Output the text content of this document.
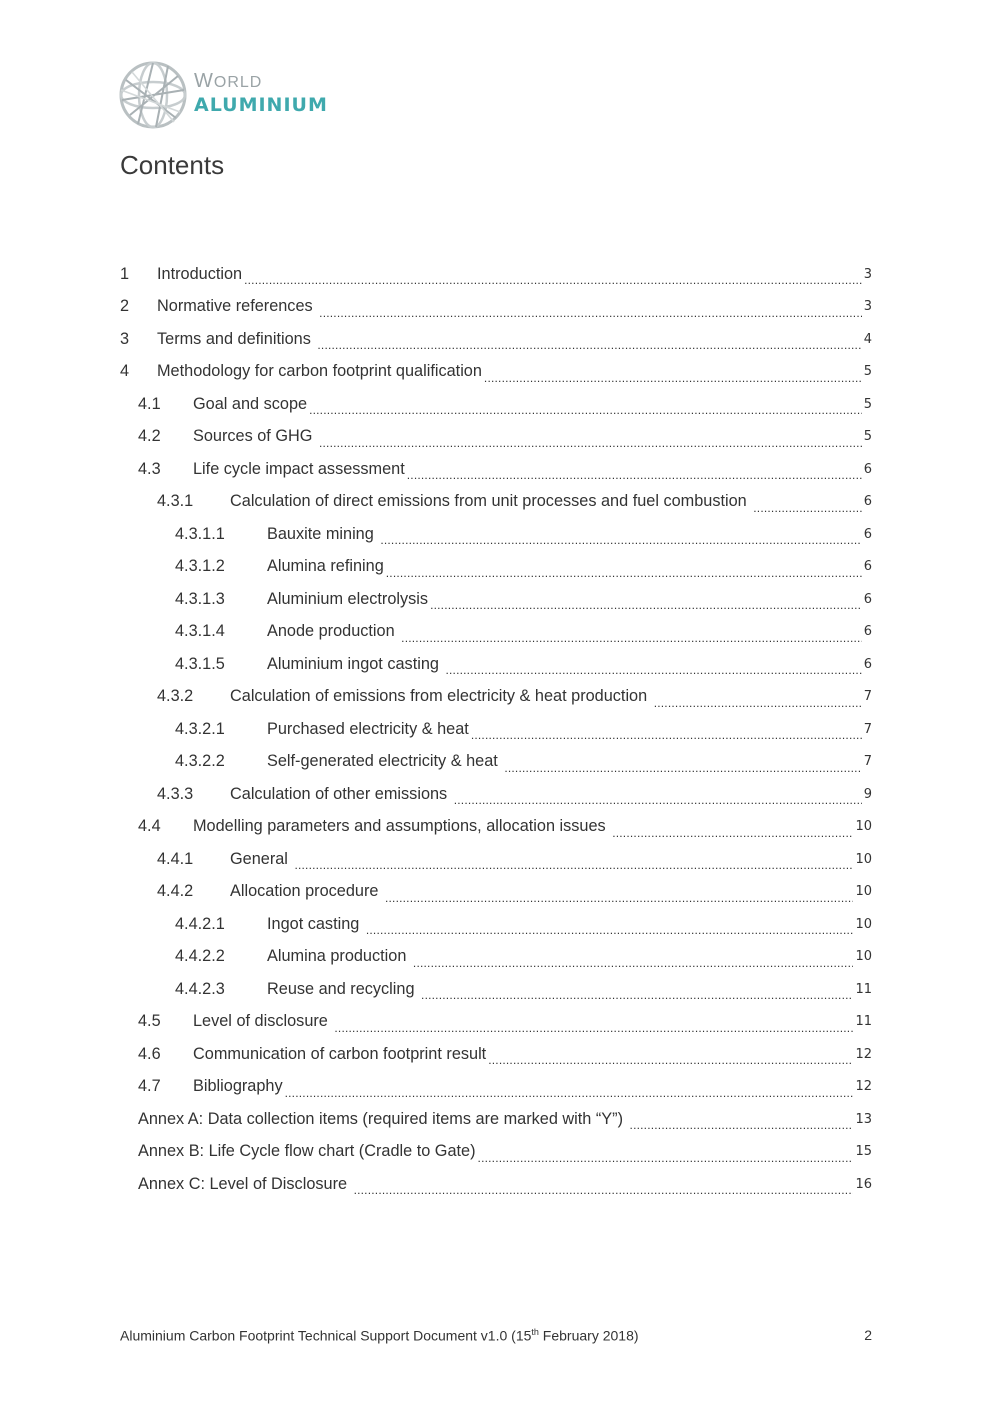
WORLD
ALUMINIUM
Contents
1	Introduction .....	3
2	Normative references .....	3
3	Terms and definitions .....	4
4	Methodology for carbon footprint qualification .....	5
4.1	Goal and scope .....	5
4.2	Sources of GHG .....	5
4.3	Life cycle impact assessment .....	6
4.3.1	Calculation of direct emissions from unit processes and fuel combustion .....	6
4.3.1.1	Bauxite mining .....	6
4.3.1.2	Alumina refining .....	6
4.3.1.3	Aluminium electrolysis .....	6
4.3.1.4	Anode production .....	6
4.3.1.5	Aluminium ingot casting .....	6
4.3.2	Calculation of emissions from electricity & heat production .....	7
4.3.2.1	Purchased electricity & heat .....	7
4.3.2.2	Self-generated electricity & heat .....	7
4.3.3	Calculation of other emissions .....	9
4.4	Modelling parameters and assumptions, allocation issues .....	10
4.4.1	General .....	10
4.4.2	Allocation procedure .....	10
4.4.2.1	Ingot casting .....	10
4.4.2.2	Alumina production .....	10
4.4.2.3	Reuse and recycling .....	11
4.5	Level of disclosure .....	11
4.6	Communication of carbon footprint result .....	12
4.7	Bibliography .....	12
Annex A: Data collection items (required items are marked with “Y”) .....	13
Annex B: Life Cycle flow chart (Cradle to Gate) .....	15
Annex C: Level of Disclosure .....	16
Aluminium Carbon Footprint Technical Support Document v1.0 (15th February 2018)	2
